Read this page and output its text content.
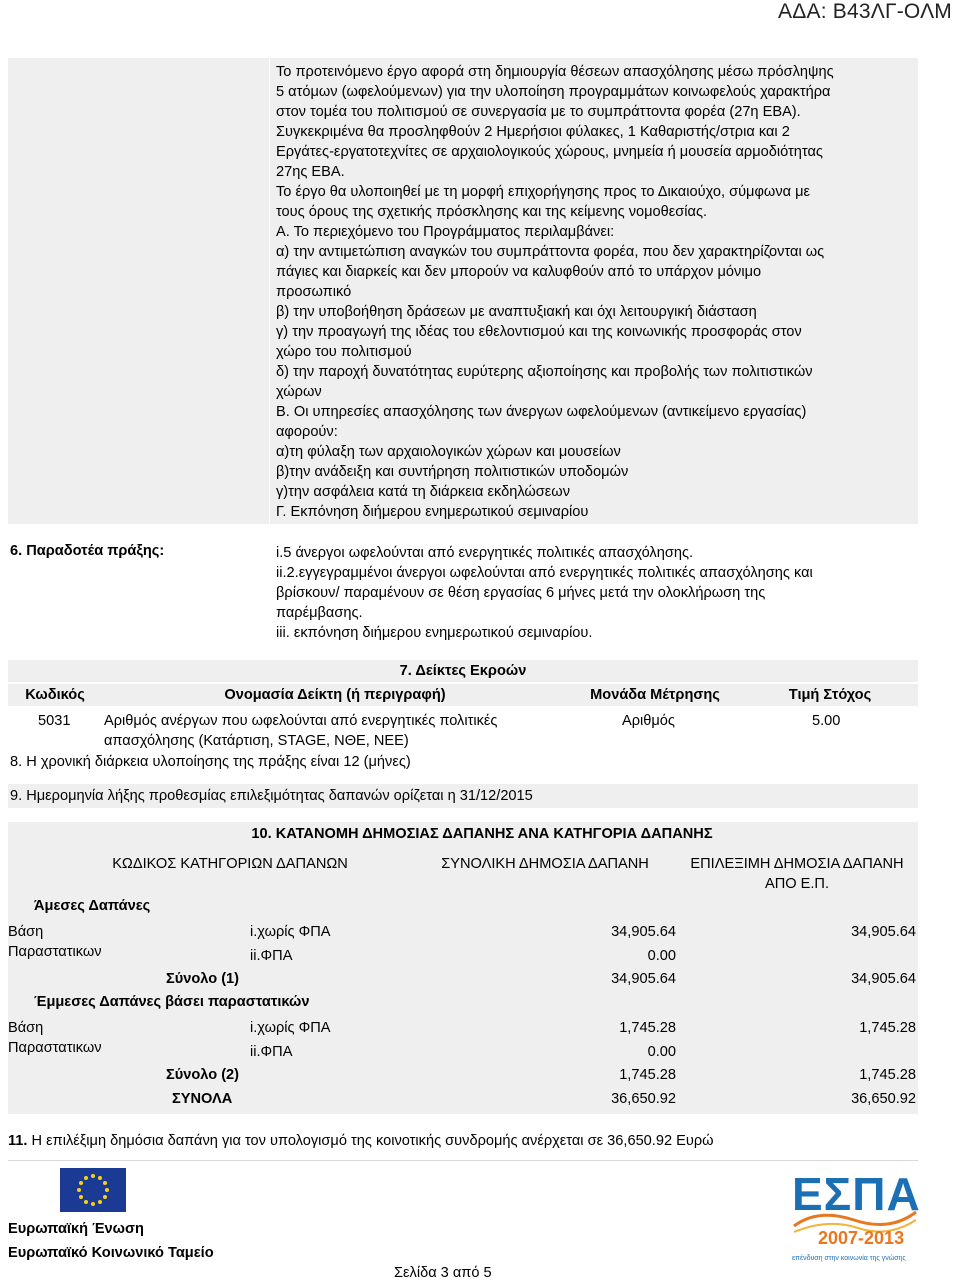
ΑΔΑ: Β43ΛΓ-ΟΛΜ
Το προτεινόμενο έργο αφορά στη δημιουργία θέσεων απασχόλησης μέσω πρόσληψης
5 ατόμων (ωφελούμενων) για την υλοποίηση προγραμμάτων κοινωφελούς χαρακτήρα
στον τομέα του πολιτισμού σε συνεργασία με το συμπράττοντα φορέα (27η ΕΒΑ).
Συγκεκριμένα θα προσληφθούν 2 Ημερήσιοι φύλακες, 1 Καθαριστής/στρια και 2
Εργάτες-εργατοτεχνίτες σε αρχαιολογικούς χώρους, μνημεία ή μουσεία αρμοδιότητας
27ης ΕΒΑ.
Το έργο θα υλοποιηθεί με τη μορφή επιχορήγησης προς το Δικαιούχο, σύμφωνα με
τους όρους της σχετικής πρόσκλησης και της κείμενης νομοθεσίας.
Α. Το περιεχόμενο του Προγράμματος περιλαμβάνει:
α) την αντιμετώπιση αναγκών του συμπράττοντα φορέα, που δεν χαρακτηρίζονται ως
πάγιες και διαρκείς και δεν μπορούν να καλυφθούν από το υπάρχον μόνιμο
προσωπικό
β) την υποβοήθηση δράσεων με αναπτυξιακή και όχι λειτουργική διάσταση
γ) την προαγωγή της ιδέας του εθελοντισμού και της κοινωνικής προσφοράς στον
χώρο του πολιτισμού
δ) την παροχή δυνατότητας ευρύτερης αξιοποίησης και προβολής των πολιτιστικών
χώρων
Β. Οι υπηρεσίες απασχόλησης των άνεργων ωφελούμενων (αντικείμενο εργασίας)
αφορούν:
α)τη φύλαξη των αρχαιολογικών χώρων και μουσείων
β)την ανάδειξη και συντήρηση πολιτιστικών υποδομών
γ)την ασφάλεια κατά τη διάρκεια εκδηλώσεων
Γ. Εκπόνηση διήμερου ενημερωτικού σεμιναρίου
6. Παραδοτέα πράξης:	i.5 άνεργοι ωφελούνται από ενεργητικές πολιτικές απασχόλησης.
ii.2.εγγεγραμμένοι άνεργοι ωφελούνται από ενεργητικές πολιτικές απασχόλησης και
βρίσκουν/ παραμένουν σε θέση εργασίας 6 μήνες μετά την ολοκλήρωση της
παρέμβασης.
iii. εκπόνηση διήμερου ενημερωτικού σεμιναρίου.
7. Δείκτες Εκροών
Κωδικός	Ονομασία Δείκτη (ή περιγραφή)	Μονάδα Μέτρησης	Τιμή Στόχος
5031 Αριθμός ανέργων που ωφελούνται από ενεργητικές πολιτικές
απασχόλησης (Κατάρτιση, STAGE, ΝΘΕ, ΝΕΕ)
Αριθμός	5.00
8. Η χρονική διάρκεια υλοποίησης της πράξης είναι 12 (μήνες)
9. Ημερομηνία λήξης προθεσμίας επιλεξιμότητας δαπανών ορίζεται η 31/12/2015
10. ΚΑΤΑΝΟΜΗ ΔΗΜΟΣΙΑΣ ΔΑΠΑΝΗΣ ΑΝΑ ΚΑΤΗΓΟΡΙΑ ΔΑΠΑΝΗΣ
ΚΩΔΙΚΟΣ ΚΑΤΗΓΟΡΙΩΝ ΔΑΠΑΝΩΝ	ΣΥΝΟΛΙΚΗ ΔΗΜΟΣΙΑ ΔΑΠΑΝΗ	ΕΠΙΛΕΞΙΜΗ ΔΗΜΟΣΙΑ ΔΑΠΑΝΗ
ΑΠΟ Ε.Π.
Άμεσες Δαπάνες
Βάση
Παραστατικων
i.χωρίς ΦΠΑ	34,905.64	34,905.64
ii.ΦΠΑ	0.00
Σύνολο (1)	34,905.64	34,905.64
Έμμεσες Δαπάνες βάσει παραστατικών
Βάση
Παραστατικων
i.χωρίς ΦΠΑ	1,745.28	1,745.28
ii.ΦΠΑ	0.00
Σύνολο (2)	1,745.28	1,745.28
ΣΥΝΟΛΑ	36,650.92	36,650.92
11. Η επιλέξιμη δημόσια δαπάνη για τον υπολογισμό της κοινοτικής συνδρομής ανέρχεται σε 36,650.92 Ευρώ
Ευρωπαϊκή Ένωση
Ευρωπαϊκό Κοινωνικό Ταμείο
Σελίδα 3 από 5
ΕΣΠΑ
2007-2013
επένδυση στην κοινωνία της γνώσης
